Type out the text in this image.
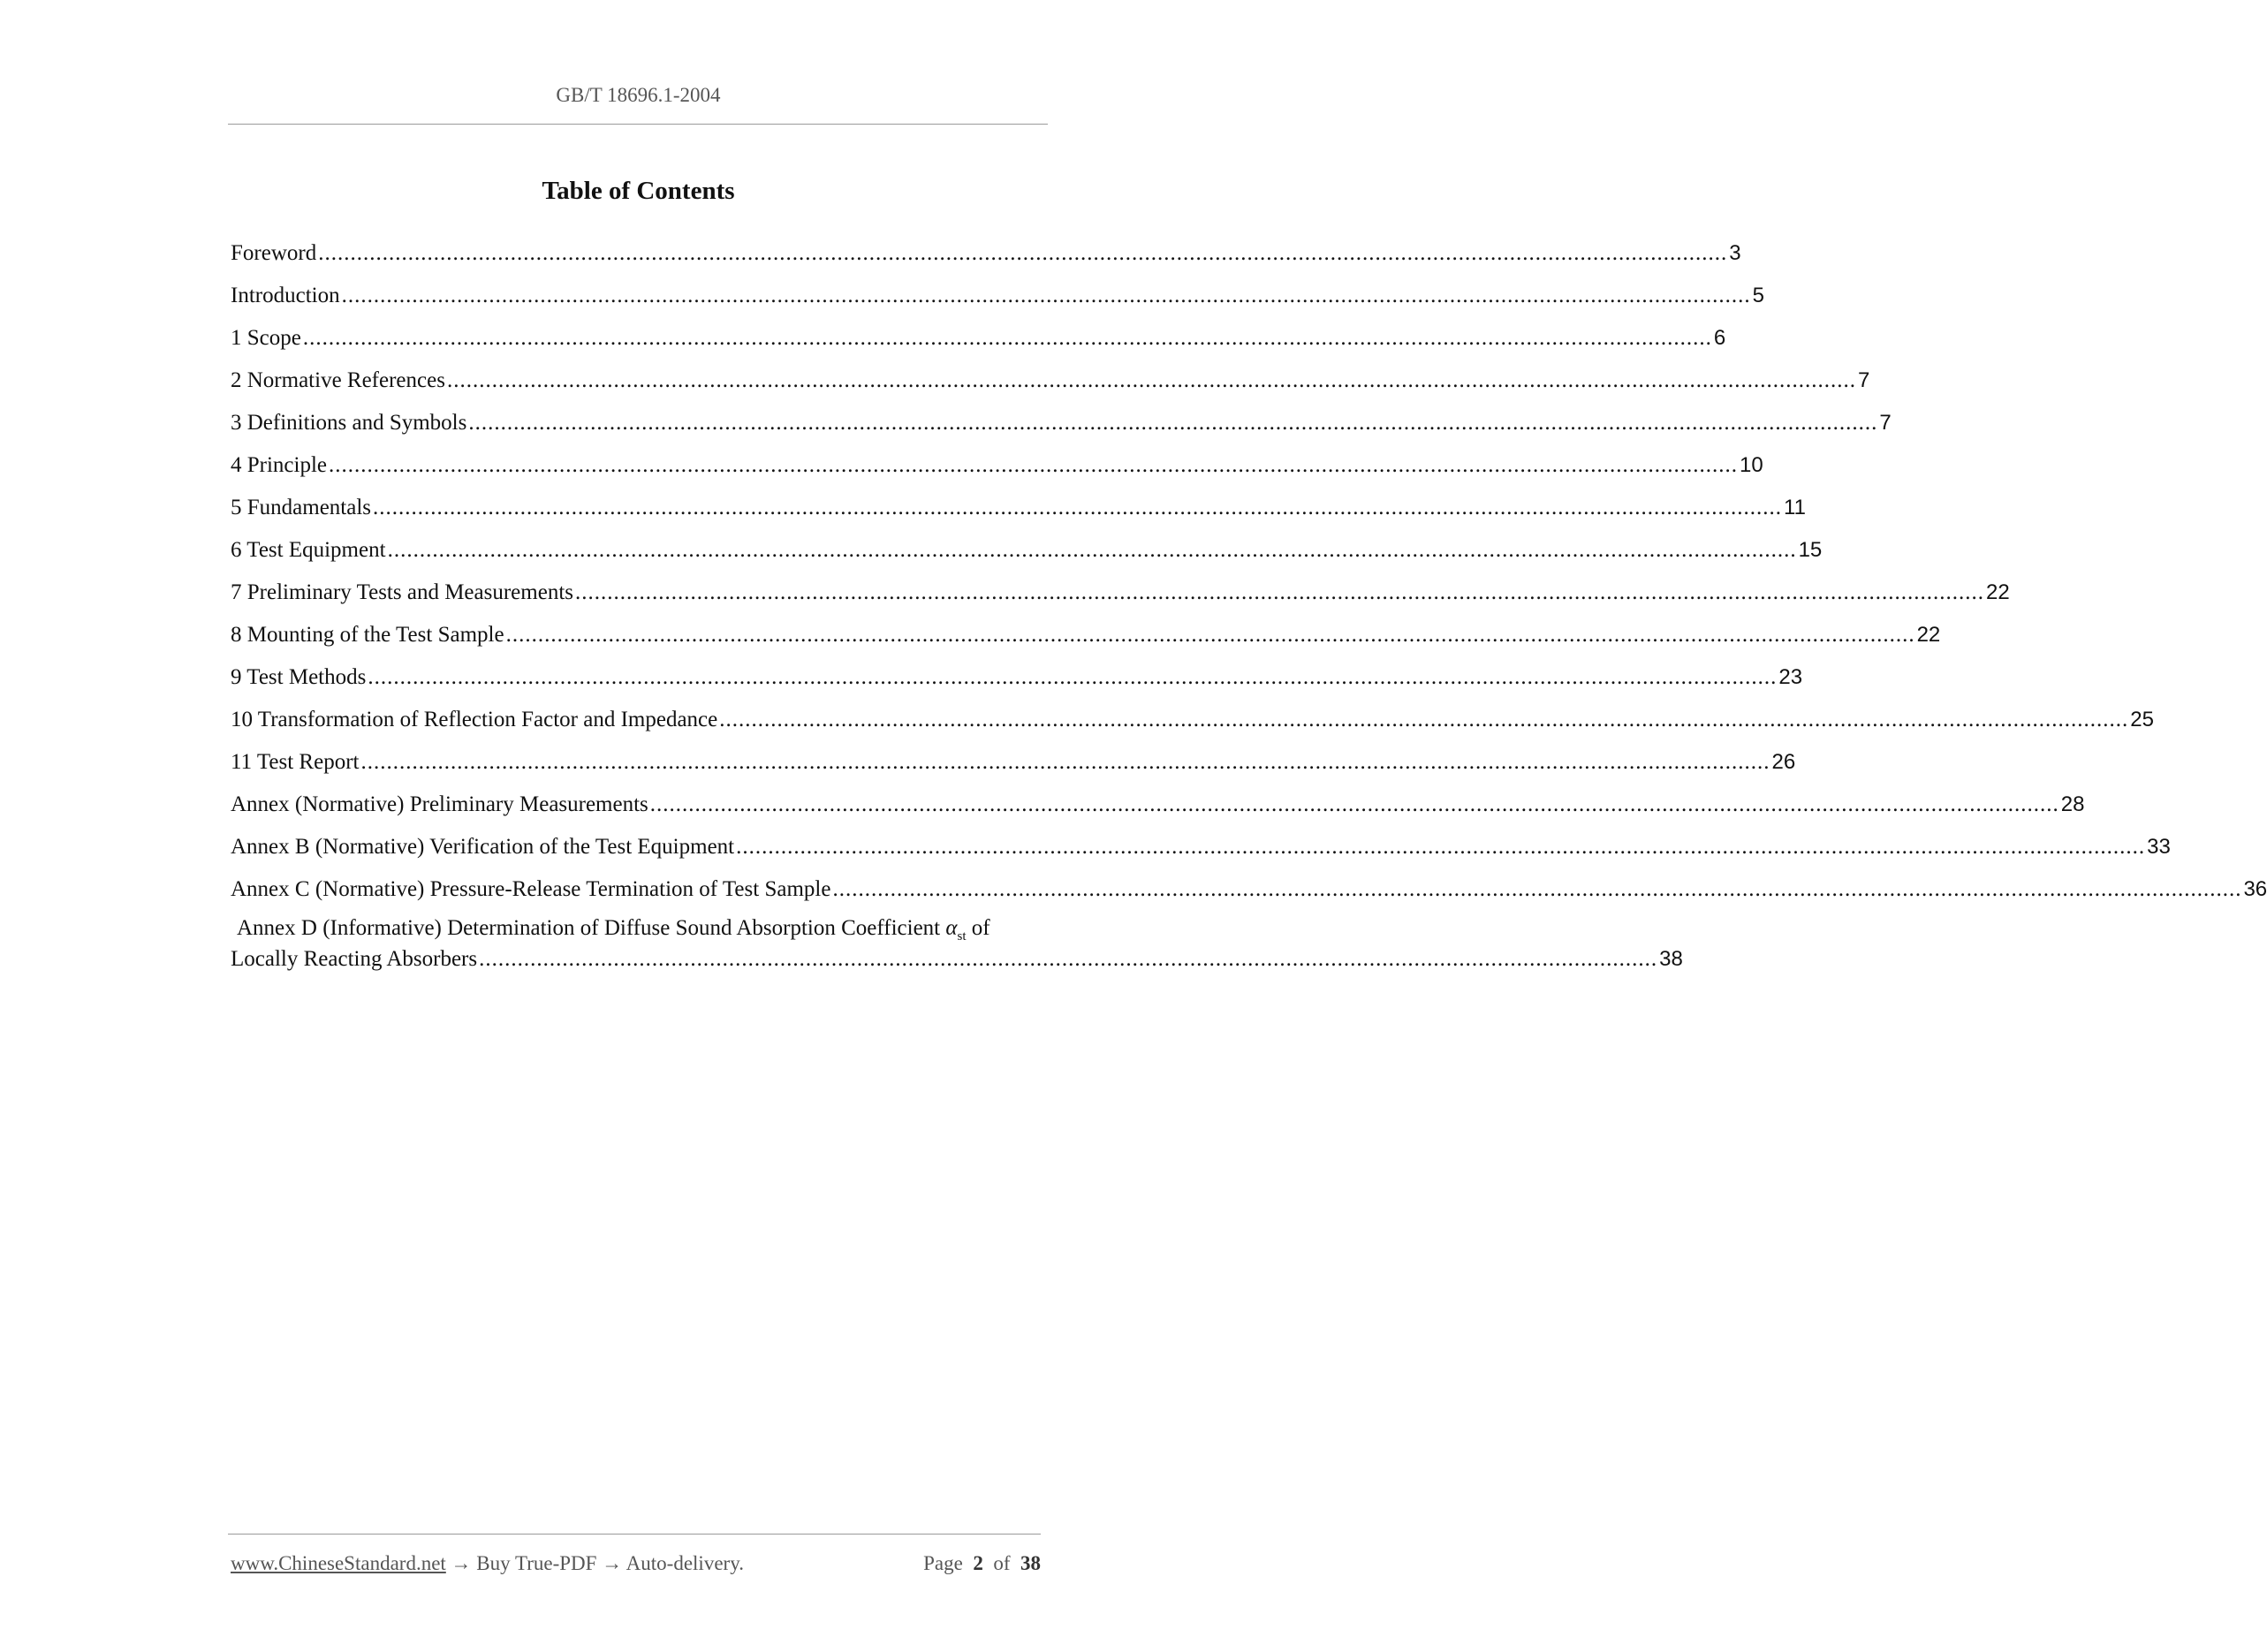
GB/T 18696.1-2004
Table of Contents
Foreword ............................................................................................................................................................................................................................ 3
Introduction ............................................................................................................................................................................................................................ 5
1 Scope ............................................................................................................................................................................................................................ 6
2 Normative References ............................................................................................................................................................................................................................ 7
3 Definitions and Symbols ............................................................................................................................................................................................................................ 7
4 Principle ............................................................................................................................................................................................................................ 10
5 Fundamentals ............................................................................................................................................................................................................................ 11
6 Test Equipment ............................................................................................................................................................................................................................ 15
7 Preliminary Tests and Measurements ............................................................................................................................................................................................................................ 22
8 Mounting of the Test Sample ............................................................................................................................................................................................................................ 22
9 Test Methods ............................................................................................................................................................................................................................ 23
10 Transformation of Reflection Factor and Impedance ............................................................................................................................................................................................................................ 25
11 Test Report ............................................................................................................................................................................................................................ 26
Annex (Normative) Preliminary Measurements ............................................................................................................................................................................................................................ 28
Annex B (Normative) Verification of the Test Equipment ............................................................................................................................................................................................................................ 33
Annex C (Normative) Pressure-Release Termination of Test Sample ............................................................................................................................................................................................................................ 36
Annex D (Informative) Determination of Diffuse Sound Absorption Coefficient $\alpha_{st}$ of
Locally Reacting Absorbers ........................................................................................................................................................................................ 38
www.ChineseStandard.net → Buy True-PDF → Auto-delivery.	Page 2 of 38
